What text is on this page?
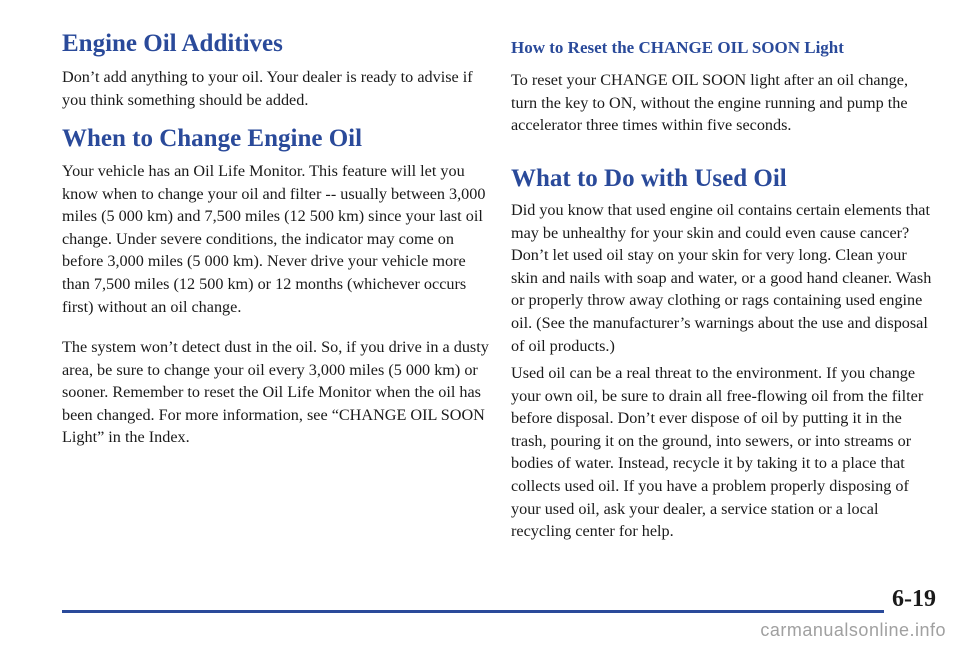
Engine Oil Additives

Don’t add anything to your oil. Your dealer is ready to advise if you think something should be added.

When to Change Engine Oil

Your vehicle has an Oil Life Monitor. This feature will let you know when to change your oil and filter -- usually between 3,000 miles (5 000 km) and 7,500 miles (12 500 km) since your last oil change. Under severe conditions, the indicator may come on before 3,000 miles (5 000 km). Never drive your vehicle more than 7,500 miles (12 500 km) or 12 months (whichever occurs first) without an oil change.

The system won’t detect dust in the oil. So, if you drive in a dusty area, be sure to change your oil every 3,000 miles (5 000 km) or sooner. Remember to reset the Oil Life Monitor when the oil has been changed. For more information, see “CHANGE OIL SOON Light” in the Index.

How to Reset the CHANGE OIL SOON Light

To reset your CHANGE OIL SOON light after an oil change, turn the key to ON, without the engine running and pump the accelerator three times within five seconds.

What to Do with Used Oil

Did you know that used engine oil contains certain elements that may be unhealthy for your skin and could even cause cancer? Don’t let used oil stay on your skin for very long. Clean your skin and nails with soap and water, or a good hand cleaner. Wash or properly throw away clothing or rags containing used engine oil. (See the manufacturer’s warnings about the use and disposal of oil products.)

Used oil can be a real threat to the environment. If you change your own oil, be sure to drain all free-flowing oil from the filter before disposal. Don’t ever dispose of oil by putting it in the trash, pouring it on the ground, into sewers, or into streams or bodies of water. Instead, recycle it by taking it to a place that collects used oil. If you have a problem properly disposing of your used oil, ask your dealer, a service station or a local recycling center for help.

6-19
carmanualsonline.info
